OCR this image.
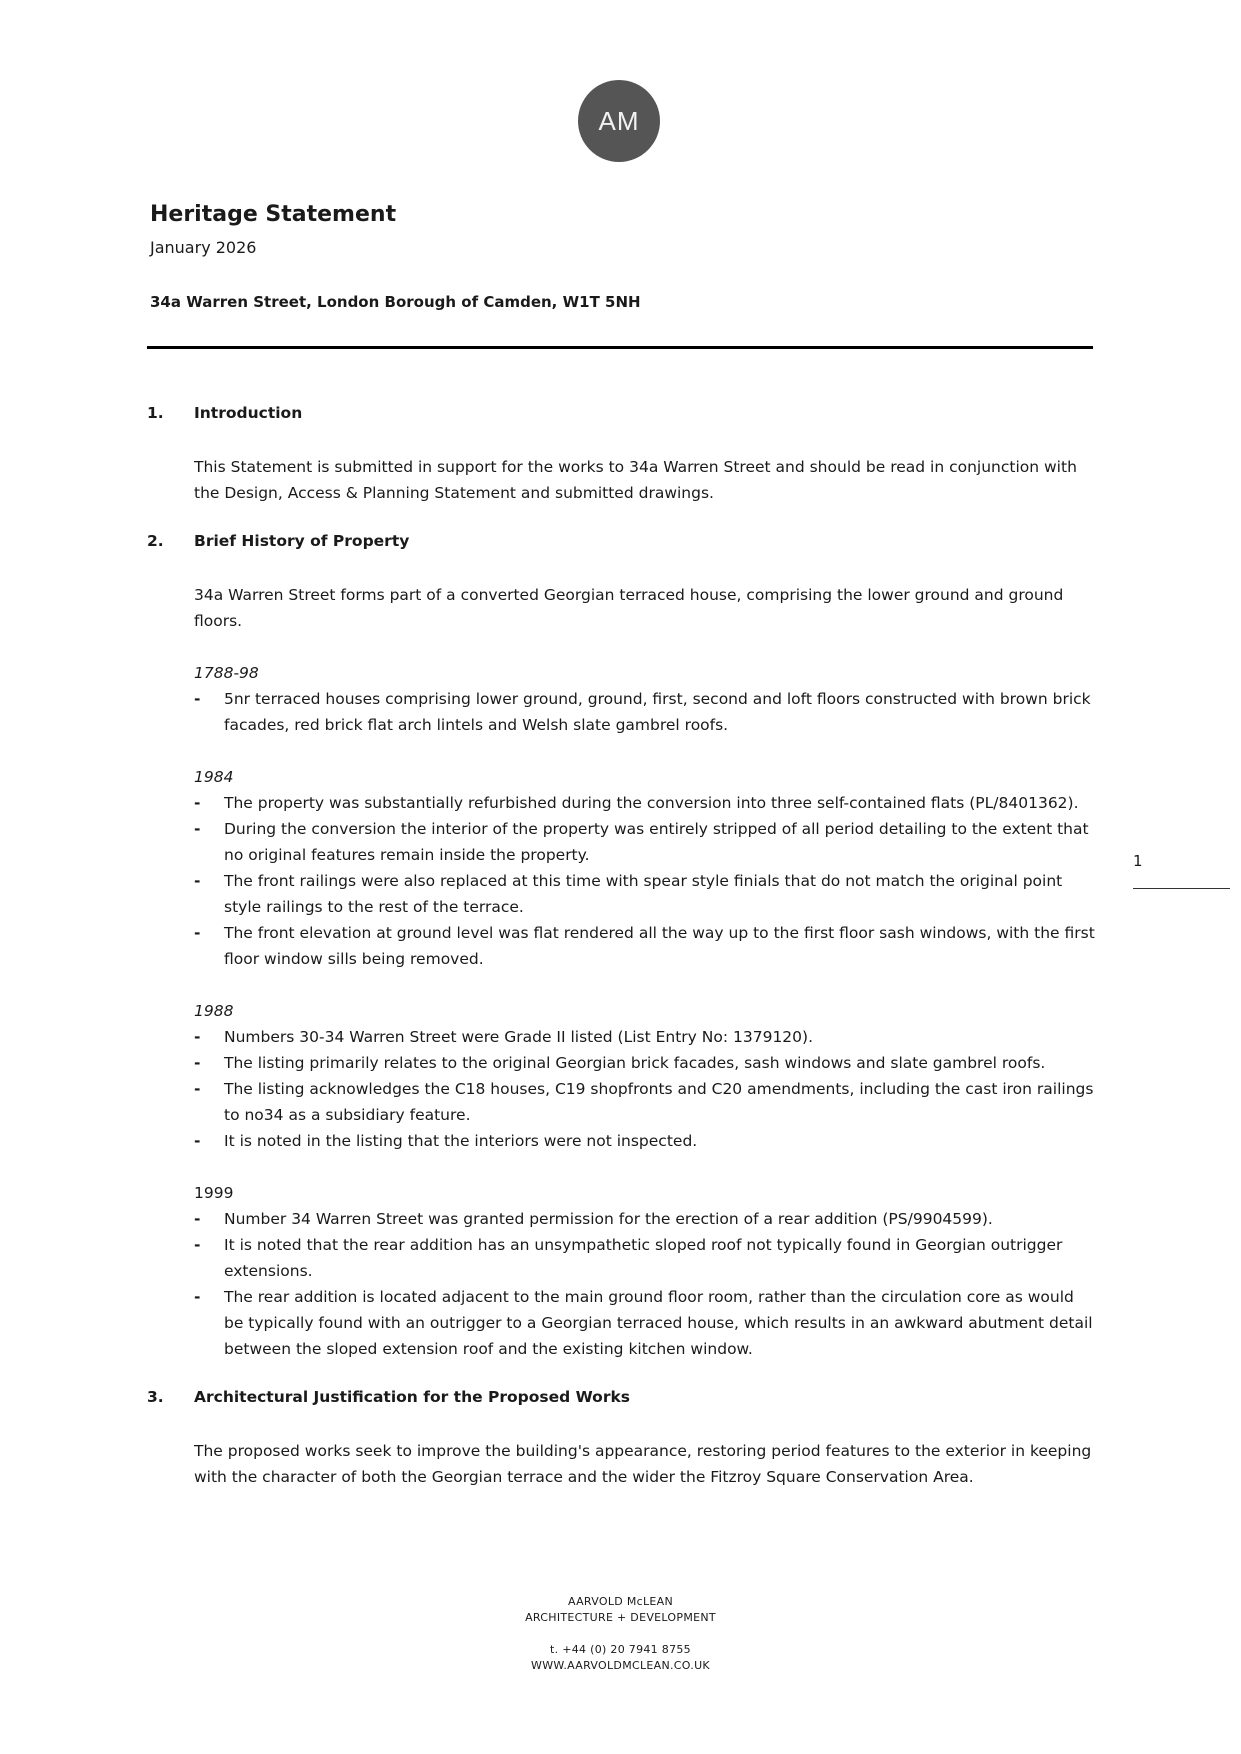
AM
Heritage Statement
January 2026
34a Warren Street, London Borough of Camden, W1T 5NH
1
1.	Introduction

This Statement is submitted in support for the works to 34a Warren Street and should be read in conjunction with the Design, Access & Planning Statement and submitted drawings.

2.	Brief History of Property

34a Warren Street forms part of a converted Georgian terraced house, comprising the lower ground and ground floors.

1788-98
- 5nr terraced houses comprising lower ground, ground, first, second and loft floors constructed with brown brick facades, red brick flat arch lintels and Welsh slate gambrel roofs.
1984
- The property was substantially refurbished during the conversion into three self-contained flats (PL/8401362).
- During the conversion the interior of the property was entirely stripped of all period detailing to the extent that no original features remain inside the property.
- The front railings were also replaced at this time with spear style finials that do not match the original point style railings to the rest of the terrace.
- The front elevation at ground level was flat rendered all the way up to the first floor sash windows, with the first floor window sills being removed.
1988
- Numbers 30-34 Warren Street were Grade II listed (List Entry No: 1379120).
- The listing primarily relates to the original Georgian brick facades, sash windows and slate gambrel roofs.
- The listing acknowledges the C18 houses, C19 shopfronts and C20 amendments, including the cast iron railings to no34 as a subsidiary feature.
- It is noted in the listing that the interiors were not inspected.
1999
- Number 34 Warren Street was granted permission for the erection of a rear addition (PS/9904599).
- It is noted that the rear addition has an unsympathetic sloped roof not typically found in Georgian outrigger extensions.
- The rear addition is located adjacent to the main ground floor room, rather than the circulation core as would be typically found with an outrigger to a Georgian terraced house, which results in an awkward abutment detail between the sloped extension roof and the existing kitchen window.
3.	Architectural Justification for the Proposed Works

The proposed works seek to improve the building's appearance, restoring period features to the exterior in keeping with the character of both the Georgian terrace and the wider the Fitzroy Square Conservation Area.

AARVOLD McLEAN
ARCHITECTURE + DEVELOPMENT
t. +44 (0) 20 7941 8755
WWW.AARVOLDMCLEAN.CO.UK
